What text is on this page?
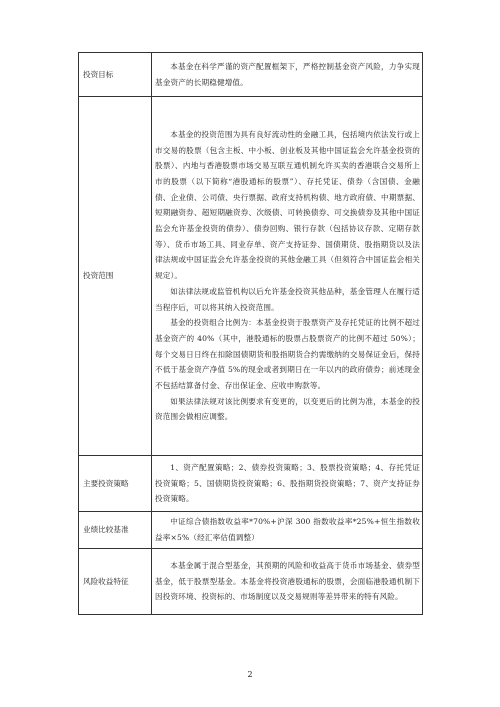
投资目标	本基金在科学严谨的资产配置框架下，严格控制基金资产风险，力争实现基金资产的长期稳健增值。

投资范围	本基金的投资范围为具有良好流动性的金融工具，包括境内依法发行或上市交易的股票（包含主板、中小板、创业板及其他中国证监会允许基金投资的股票）、内地与香港股票市场交易互联互通机制允许买卖的香港联合交易所上市的股票（以下简称“港股通标的股票”）、存托凭证、债券（含国债、金融债、企业债、公司债、央行票据、政府支持机构债、地方政府债、中期票据、短期融资券、超短期融资券、次级债、可转换债券、可交换债券及其他中国证监会允许基金投资的债券）、债券回购、银行存款（包括协议存款、定期存款等）、货币市场工具、同业存单、资产支持证券、国债期货、股指期货以及法律法规或中国证监会允许基金投资的其他金融工具（但须符合中国证监会相关规定）。

如法律法规或监管机构以后允许基金投资其他品种，基金管理人在履行适当程序后，可以将其纳入投资范围。

基金的投资组合比例为：本基金投资于股票资产及存托凭证的比例不超过基金资产的 40%（其中，港股通标的股票占股票资产的比例不超过 50%）；每个交易日日终在扣除国债期货和股指期货合约需缴纳的交易保证金后，保持不低于基金资产净值 5%的现金或者到期日在一年以内的政府债券；前述现金不包括结算备付金、存出保证金、应收申购款等。

如果法律法规对该比例要求有变更的，以变更后的比例为准，本基金的投资范围会做相应调整。

主要投资策略	1、资产配置策略；2、债券投资策略；3、股票投资策略；4、存托凭证投资策略；5、国债期货投资策略；6、股指期货投资策略；7、资产支持证券投资策略。

业绩比较基准	中证综合债指数收益率*70%+沪深 300 指数收益率*25%+恒生指数收益率×5%（经汇率估值调整）

风险收益特征	本基金属于混合型基金，其预期的风险和收益高于货币市场基金、债券型基金，低于股票型基金。本基金将投资港股通标的股票，会面临港股通机制下因投资环境、投资标的、市场制度以及交易规则等差异带来的特有风险。

2
